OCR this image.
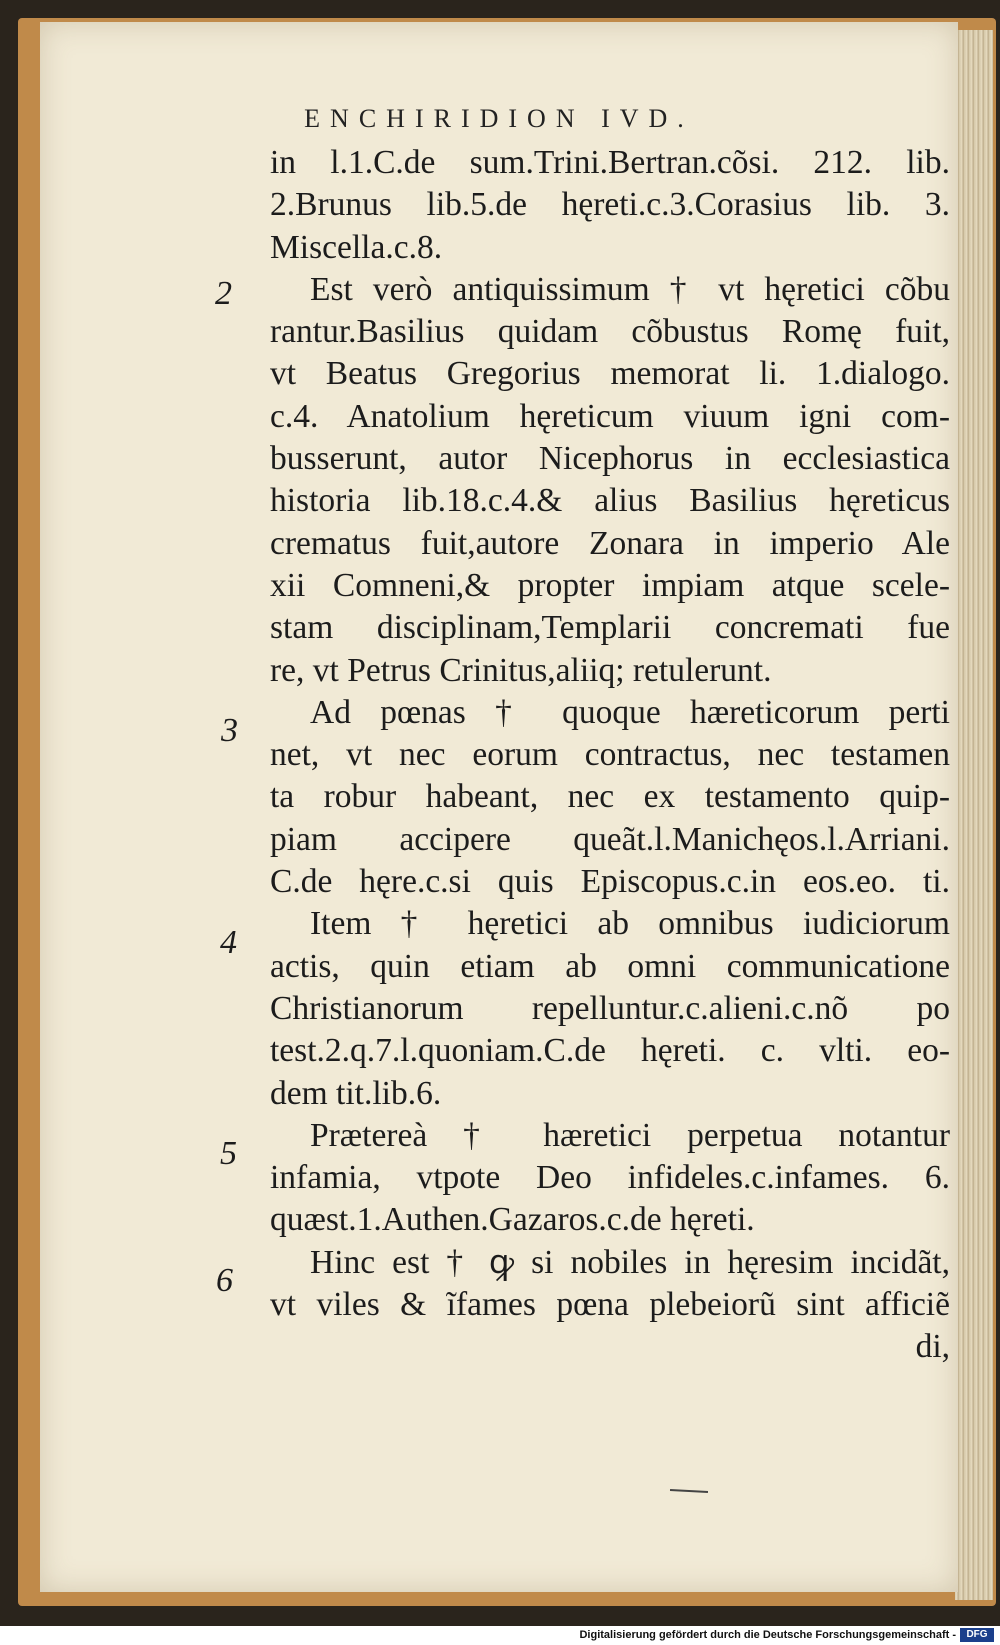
ENCHIRIDION IVD.
2
3
4
5
6
in l.1.C.de sum.Trini.Bertran.cõsi. 212. lib.
2.Brunus lib.5.de hęreti.c.3.Corasius lib. 3.
Miscella.c.8.
Est verò antiquissimum † vt hęretici cõbu
rantur.Basilius quidam cõbustus Romę fuit,
vt Beatus Gregorius memorat li. 1.dialogo.
c.4. Anatolium hęreticum viuum igni com-
busserunt, autor Nicephorus in ecclesiastica
historia lib.18.c.4.& alius Basilius hęreticus
crematus fuit,autore Zonara in imperio Ale
xii Comneni,& propter impiam atque scele-
stam disciplinam,Templarii concremati fue
re, vt Petrus Crinitus,aliiq; retulerunt.
Ad pœnas † quoque hæreticorum perti
net, vt nec eorum contractus, nec testamen
ta robur habeant, nec ex testamento quip-
piam accipere queãt.l.Manichęos.l.Arriani.
C.de hęre.c.si quis Episcopus.c.in eos.eo. ti.
Item † hęretici ab omnibus iudiciorum
actis, quin etiam ab omni communicatione
Christianorum repelluntur.c.alieni.c.nõ po
test.2.q.7.l.quoniam.C.de hęreti. c. vlti. eo-
dem tit.lib.6.
Prætereà † hæretici perpetua notantur
infamia, vtpote Deo infideles.c.infames. 6.
quæst.1.Authen.Gazaros.c.de hęreti.
Hinc est † ꝙ si nobiles in hęresim incidãt,
vt viles & ĩfames pœna plebeiorũ sint afficiẽ
di,
Digitalisierung gefördert durch die Deutsche Forschungsgemeinschaft -	DFG
